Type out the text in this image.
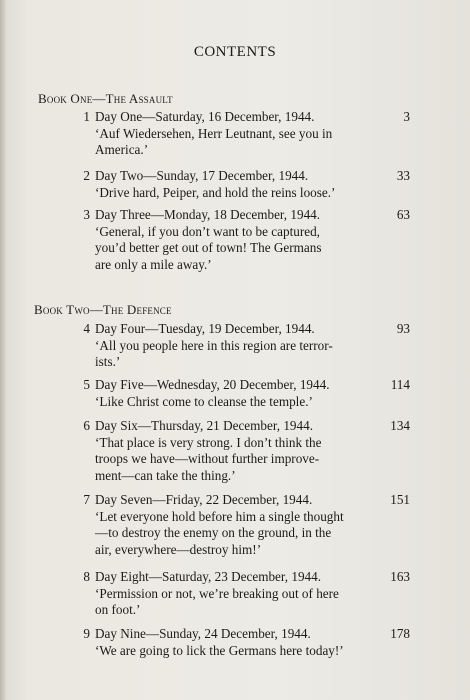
CONTENTS
Book One—The Assault
1 Day One—Saturday, 16 December, 1944.
‘Auf Wiedersehen, Herr Leutnant, see you in
America.’
3
2 Day Two—Sunday, 17 December, 1944.
‘Drive hard, Peiper, and hold the reins loose.’
33
3 Day Three—Monday, 18 December, 1944.
‘General, if you don’t want to be captured,
you’d better get out of town! The Germans
are only a mile away.’
63
Book Two—The Defence
4 Day Four—Tuesday, 19 December, 1944.
‘All you people here in this region are terror-
ists.’
93
5 Day Five—Wednesday, 20 December, 1944.
‘Like Christ come to cleanse the temple.’
114
6 Day Six—Thursday, 21 December, 1944.
‘That place is very strong. I don’t think the
troops we have—without further improve-
ment—can take the thing.’
134
7 Day Seven—Friday, 22 December, 1944.
‘Let everyone hold before him a single thought
—to destroy the enemy on the ground, in the
air, everywhere—destroy him!’
151
8 Day Eight—Saturday, 23 December, 1944.
‘Permission or not, we’re breaking out of here
on foot.’
163
9 Day Nine—Sunday, 24 December, 1944.
‘We are going to lick the Germans here today!’
178
